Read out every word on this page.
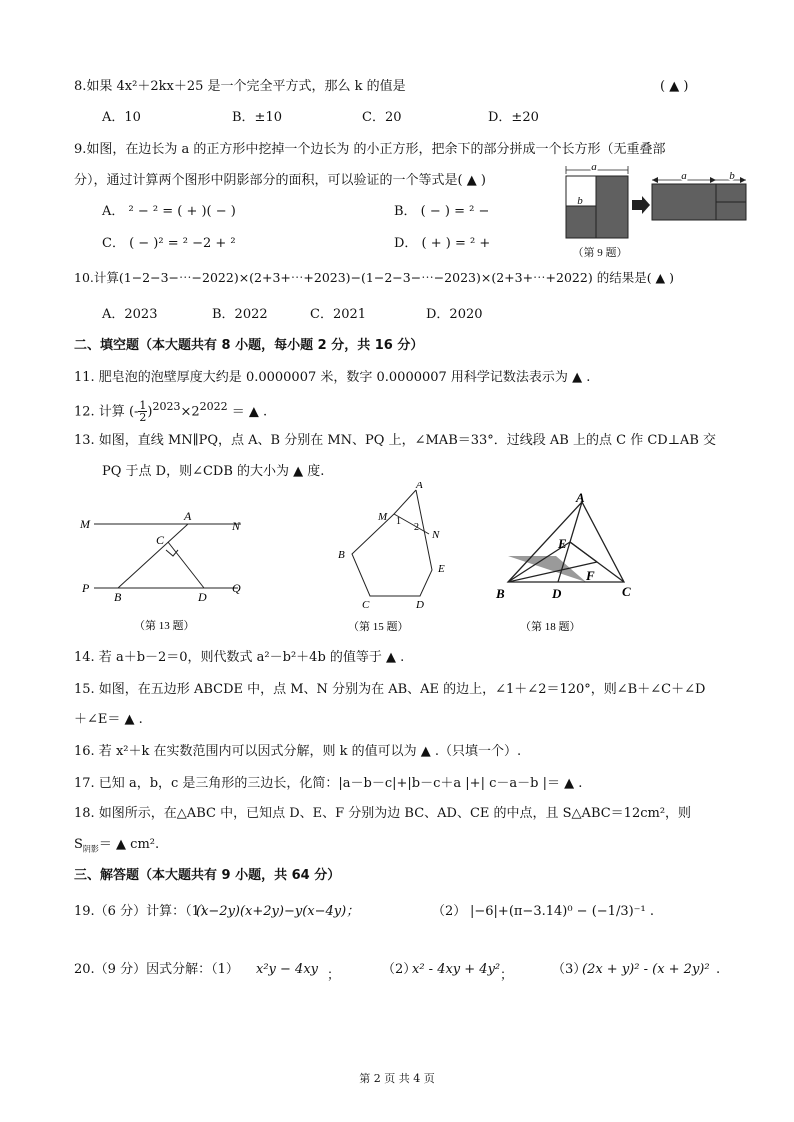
8.如果 4x²＋2kx＋25 是一个完全平方式，那么 k 的值是	( ▲ )
A．10	B．±10	C．20	D．±20
9.如图，在边长为 a 的正方形中挖掉一个边长为 的小正方形，把余下的部分拼成一个长方形（无重叠部
分），通过计算两个图形中阴影部分的面积，可以验证的一个等式是( ▲ )
A． ² − ² = ( + )( − )	B． ( − ) = ² −
C． ( − )² = ² −2 + ²	D． ( + ) = ² +
a
b
a	b
（第 9 题）
10.计算(1−2−3−⋯−2022)×(2+3+⋯+2023)−(1−2−3−⋯−2023)×(2+3+⋯+2022) 的结果是( ▲ )
A．2023	B．2022	C．2021	D．2020
二、填空题（本大题共有 8 小题，每小题 2 分，共 16 分）
11. 肥皂泡的泡壁厚度大约是 0.0000007 米，数字 0.0000007 用科学记数法表示为 ▲ .
12. 计算 (- $\frac{1}{2} )^{2023}\times 2^{2022}$ ＝ ▲ .
13. 如图，直线 MN∥PQ，点 A、B 分别在 MN、PQ 上，∠MAB＝33°．过线段 AB 上的点 C 作 CD⊥AB 交
PQ 于点 D，则∠CDB 的大小为 ▲ 度.
M
A
N
C
P
B	D
Q
（第 13 题）
A
M 1
2
N
B
E
C	D
（第 15 题）
A
E
F
B	D	C
（第 18 题）
14. 若 a＋b－2＝0，则代数式 a²－b²＋4b 的值等于 ▲ .
15. 如图，在五边形 ABCDE 中，点 M、N 分别为在 AB、AE 的边上，∠1＋∠2＝120°，则∠B＋∠C＋∠D
＋∠E＝ ▲ .
16. 若 x²＋k 在实数范围内可以因式分解，则 k 的值可以为 ▲ .（只填一个）.
17. 已知 a，b，c 是三角形的三边长，化简：|a－b－c|+|b－c＋a |+| c－a－b |＝ ▲ .
18. 如图所示，在△ABC 中，已知点 D、E、F 分别为边 BC、AD、CE 的中点，且 S△ABC＝12cm²，则
$S_{阴影}=$ ▲ cm².
三、解答题（本大题共有 9 小题，共 64 分）
19.（6 分）计算：（1）
(x−2y)(x+2y)−y(x−4y)；	（2） |−6|+(π−3.14)⁰ − (−1/3)⁻¹ .
20.（9 分）因式分解：（1） x²y − 4xy ；	（2）
x² - 4xy + 4y² ；	（3）
(2x + y)² - (x + 2y)² .
第 2 页 共 4 页
